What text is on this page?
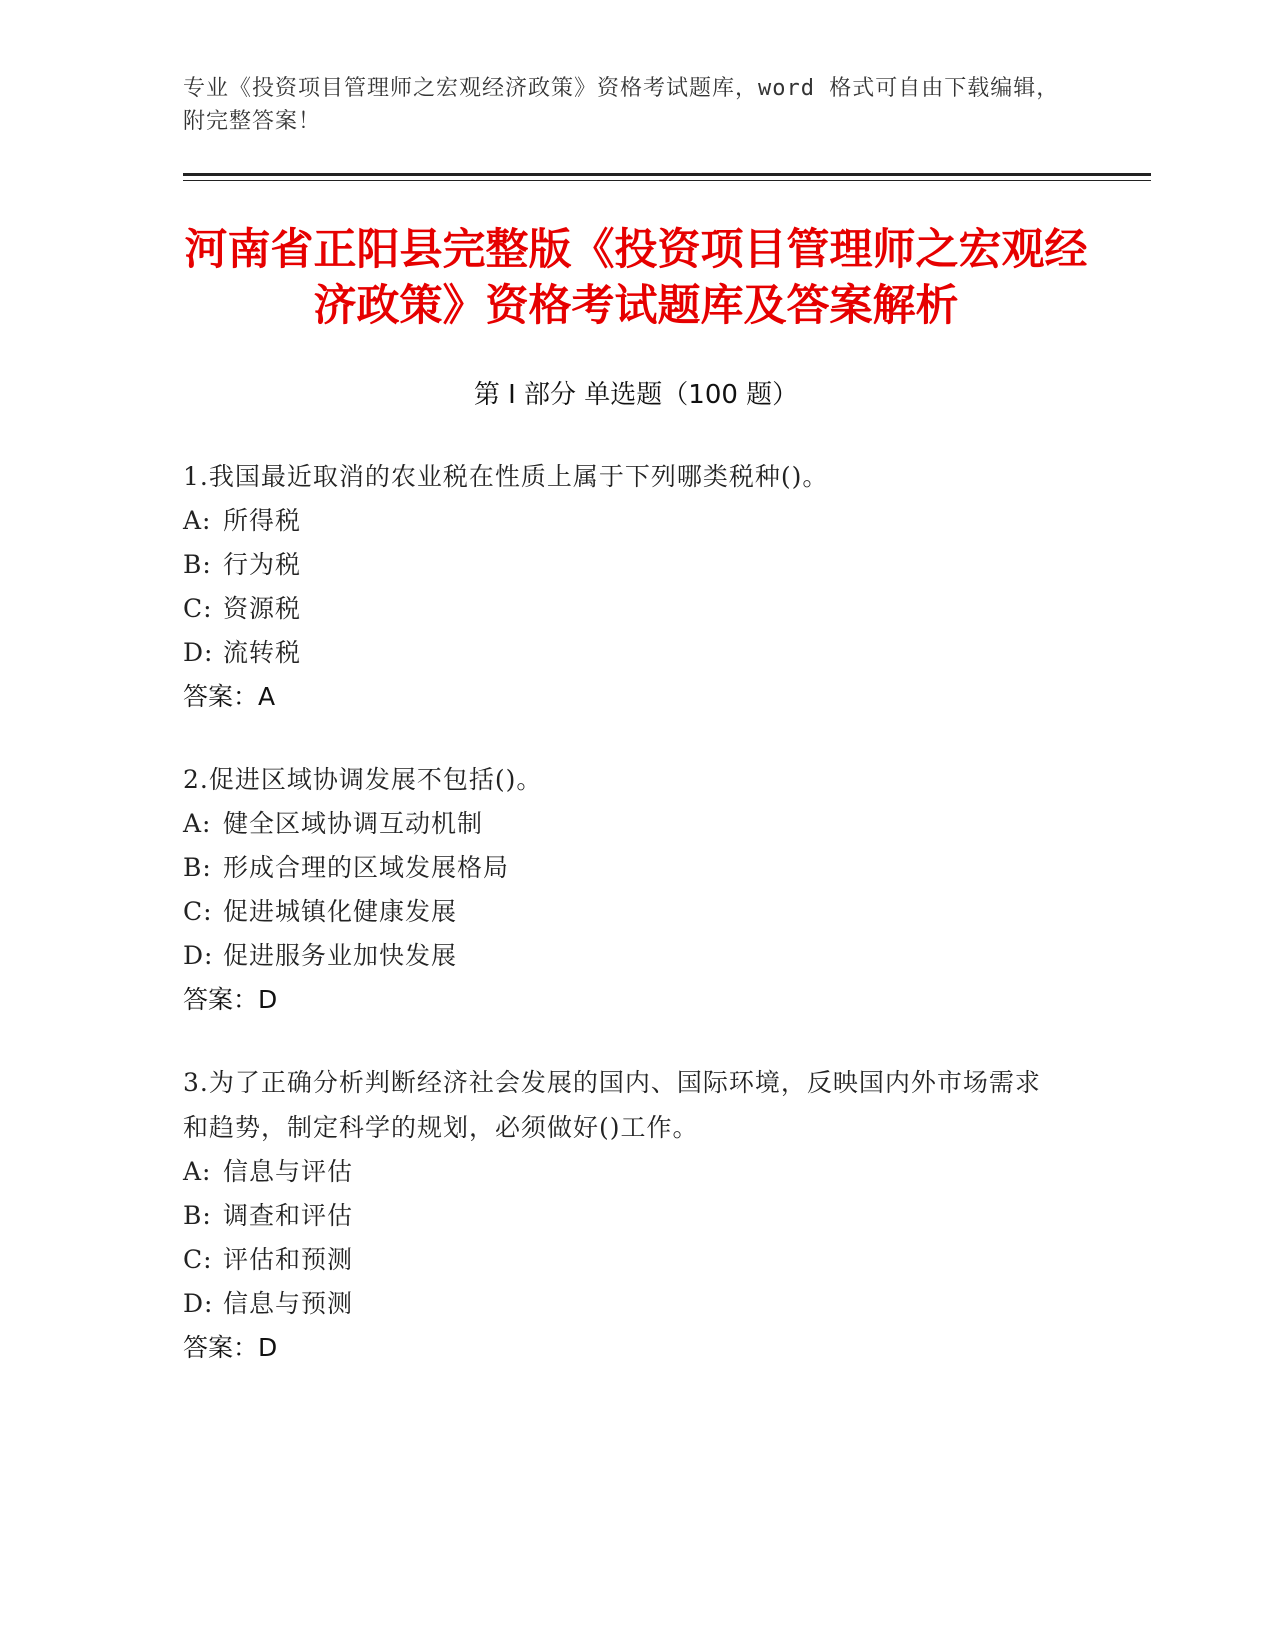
专业《投资项目管理师之宏观经济政策》资格考试题库，word 格式可自由下载编辑，附完整答案！
河南省正阳县完整版《投资项目管理师之宏观经济政策》资格考试题库及答案解析
第 I 部分 单选题（100 题）
1.我国最近取消的农业税在性质上属于下列哪类税种()。
A: 所得税
B: 行为税
C: 资源税
D: 流转税
答案：A
2.促进区域协调发展不包括()。
A: 健全区域协调互动机制
B: 形成合理的区域发展格局
C: 促进城镇化健康发展
D: 促进服务业加快发展
答案：D
3.为了正确分析判断经济社会发展的国内、国际环境，反映国内外市场需求和趋势，制定科学的规划，必须做好()工作。
A: 信息与评估
B: 调查和评估
C: 评估和预测
D: 信息与预测
答案：D
